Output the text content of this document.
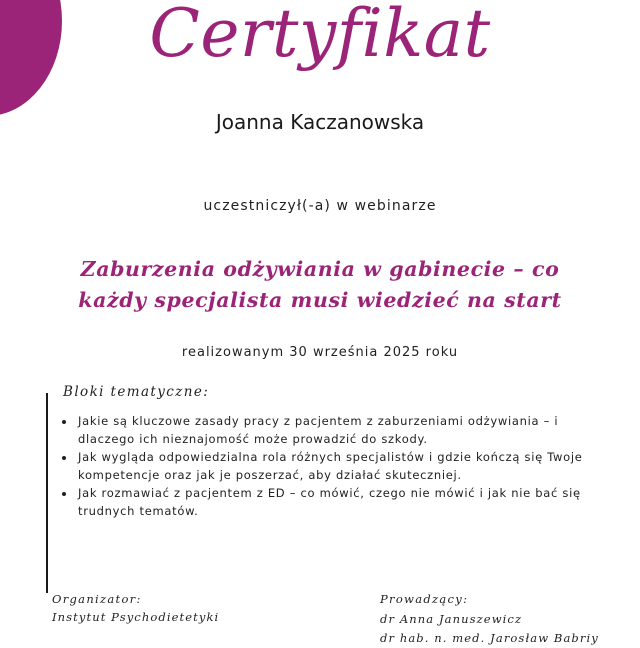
Certyfikat
Joanna Kaczanowska
uczestniczył(-a) w webinarze
Zaburzenia odżywiania w gabinecie – co
każdy specjalista musi wiedzieć na start
realizowanym 30 września 2025 roku
Bloki tematyczne:
• Jakie są kluczowe zasady pracy z pacjentem z zaburzeniami odżywiania – i dlaczego ich nieznajomość może prowadzić do szkody.
• Jak wygląda odpowiedzialna rola różnych specjalistów i gdzie kończą się Twoje kompetencje oraz jak je poszerzać, aby działać skuteczniej.
• Jak rozmawiać z pacjentem z ED – co mówić, czego nie mówić i jak nie bać się trudnych tematów.
Organizator:
Instytut Psychodietetyki
Prowadzący:
dr Anna Januszewicz
dr hab. n. med. Jarosław Babriy
